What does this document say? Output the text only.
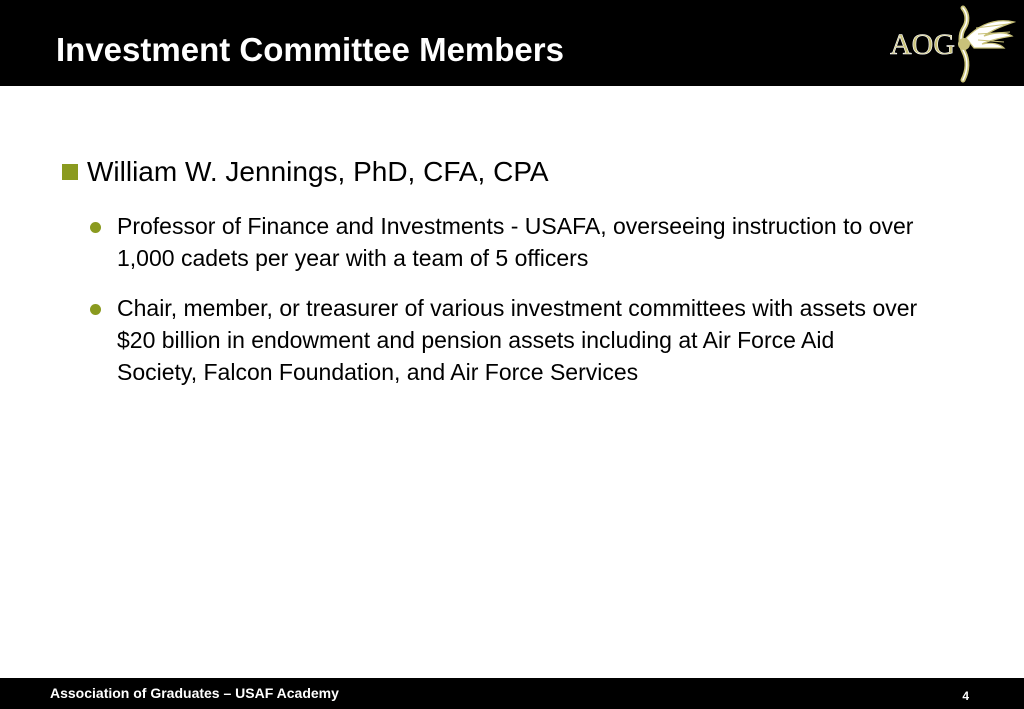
Investment Committee Members	AOG
William W. Jennings, PhD, CFA, CPA
Professor of Finance and Investments - USAFA, overseeing instruction to over 1,000 cadets per year with a team of 5 officers
Chair, member, or treasurer of various investment committees with assets over $20 billion in endowment and pension assets including at Air Force Aid Society, Falcon Foundation, and Air Force Services
Association of Graduates – USAF Academy	4
